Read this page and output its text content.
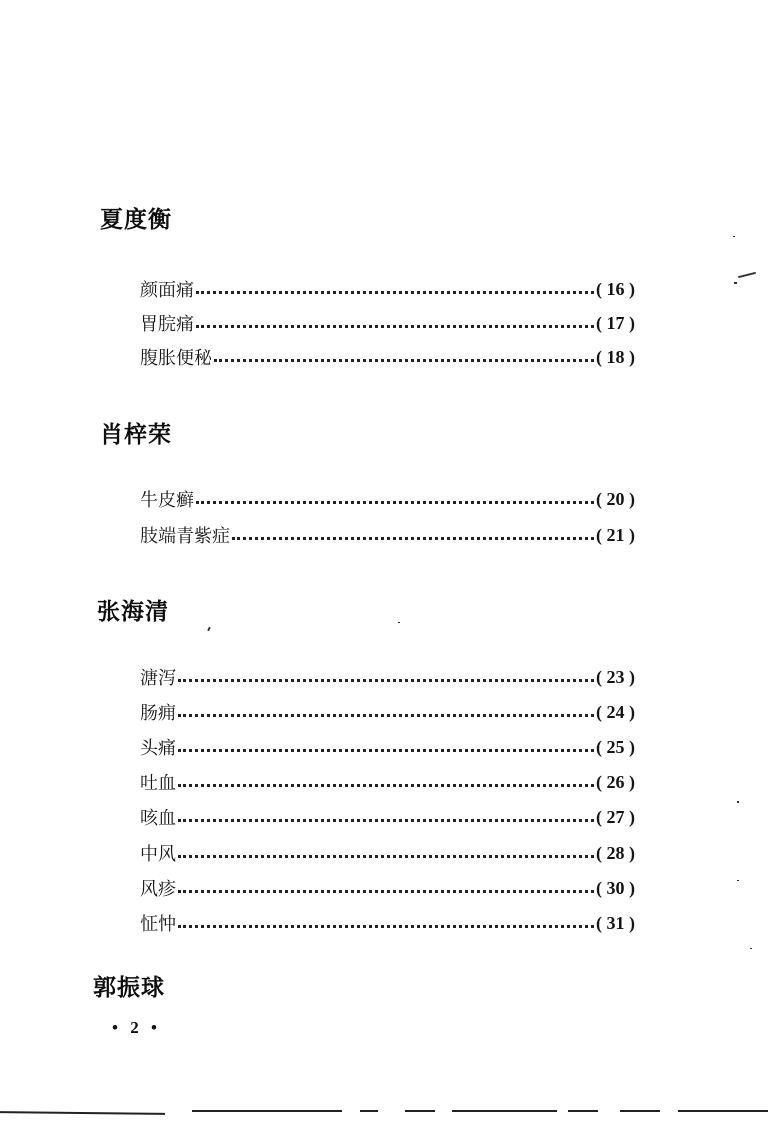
夏度衡
颜面痛	( 16 )
胃脘痛	( 17 )
腹胀便秘	( 18 )
肖梓荣
牛皮癣	( 20 )
肢端青紫症	( 21 )
张海清
溏泻	( 23 )
肠痈	( 24 )
头痛	( 25 )
吐血	( 26 )
咳血	( 27 )
中风	( 28 )
风疹	( 30 )
怔忡	( 31 )
郭振球
• 2 •
